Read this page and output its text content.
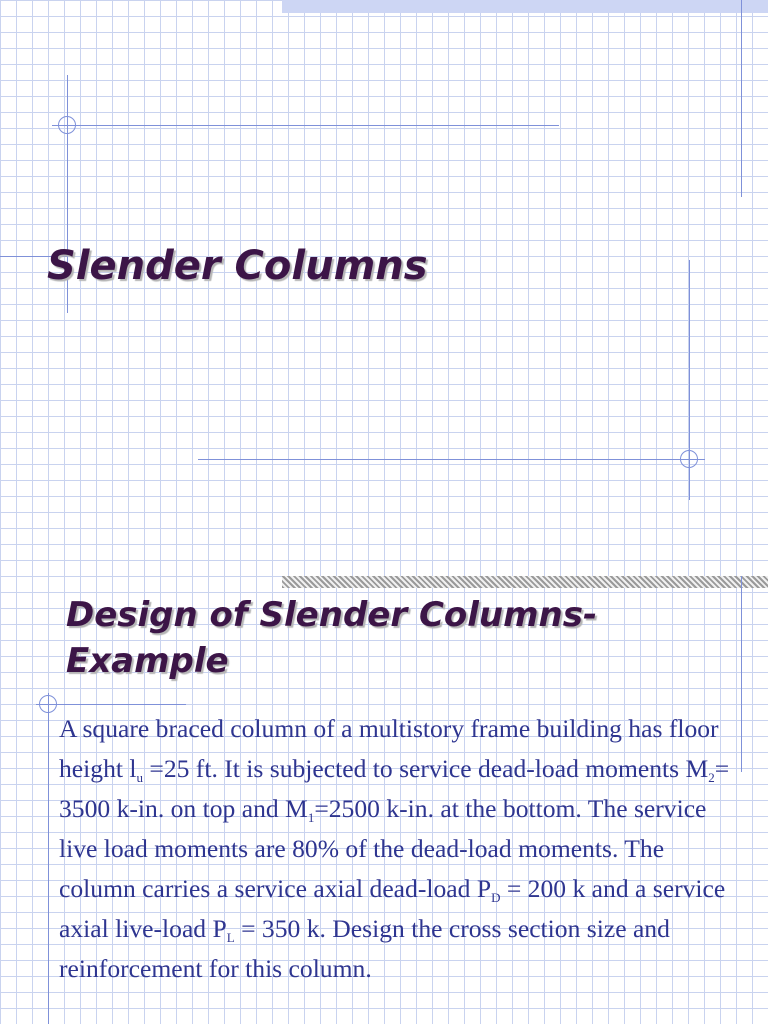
Slender Columns
Design of Slender Columns-Example

A square braced column of a multistory frame building has floor height $l_u =25$ ft. It is subjected to service dead-load moments $M_2= 3500$ k-in. on top and $M_1=2500$ k-in. at the bottom. The service live load moments are 80% of the dead-load moments. The column carries a service axial dead-load $P_D = 200$ k and a service axial live-load $P_L = 350$ k. Design the cross section size and reinforcement for this column.
